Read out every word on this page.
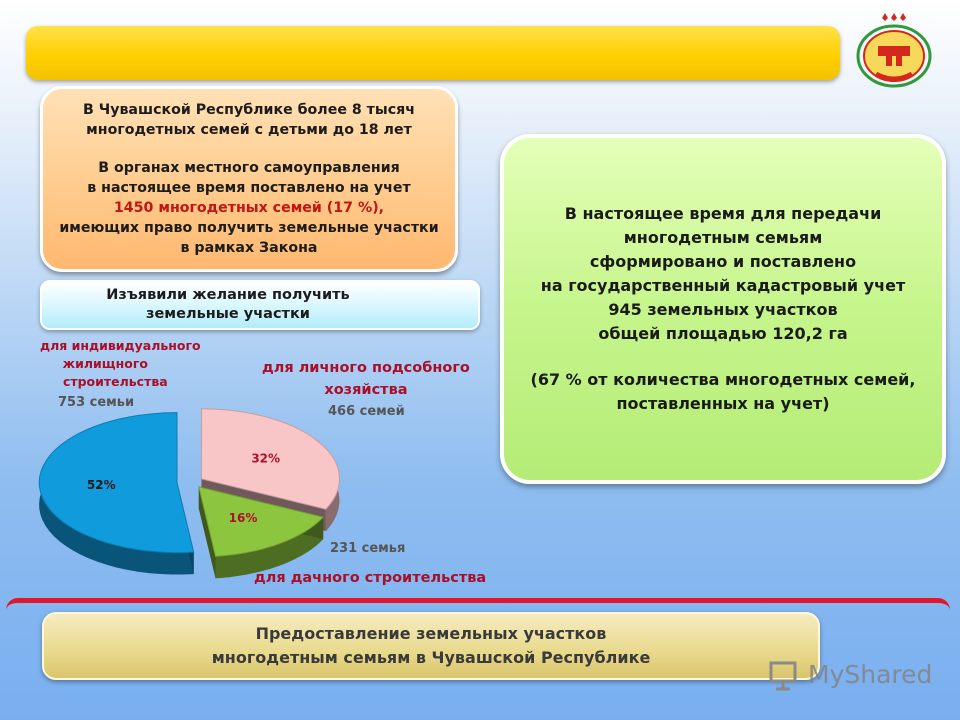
В Чувашской Республике более 8 тысяч
многодетных семей с детьми до 18 лет
В органах местного самоуправления
в настоящее время поставлено на учет
1450 многодетных семей (17 %),
имеющих право получить земельные участки
в рамках Закона
Изъявили желание получить
земельные участки
В настоящее время для передачи
многодетным семьям
сформировано и поставлено
на государственный кадастровый учет
945 земельных участков
общей площадью 120,2 га
(67 % от количества многодетных семей,
поставленных на учет)
32%
52%
16%
для индивидуального
жилищного
строительства
753 семьи
для личного подсобного
хозяйства
466 семей
231 семья
для дачного строительства
Предоставление земельных участков
многодетным семьям в Чувашской Республике
MyShared
